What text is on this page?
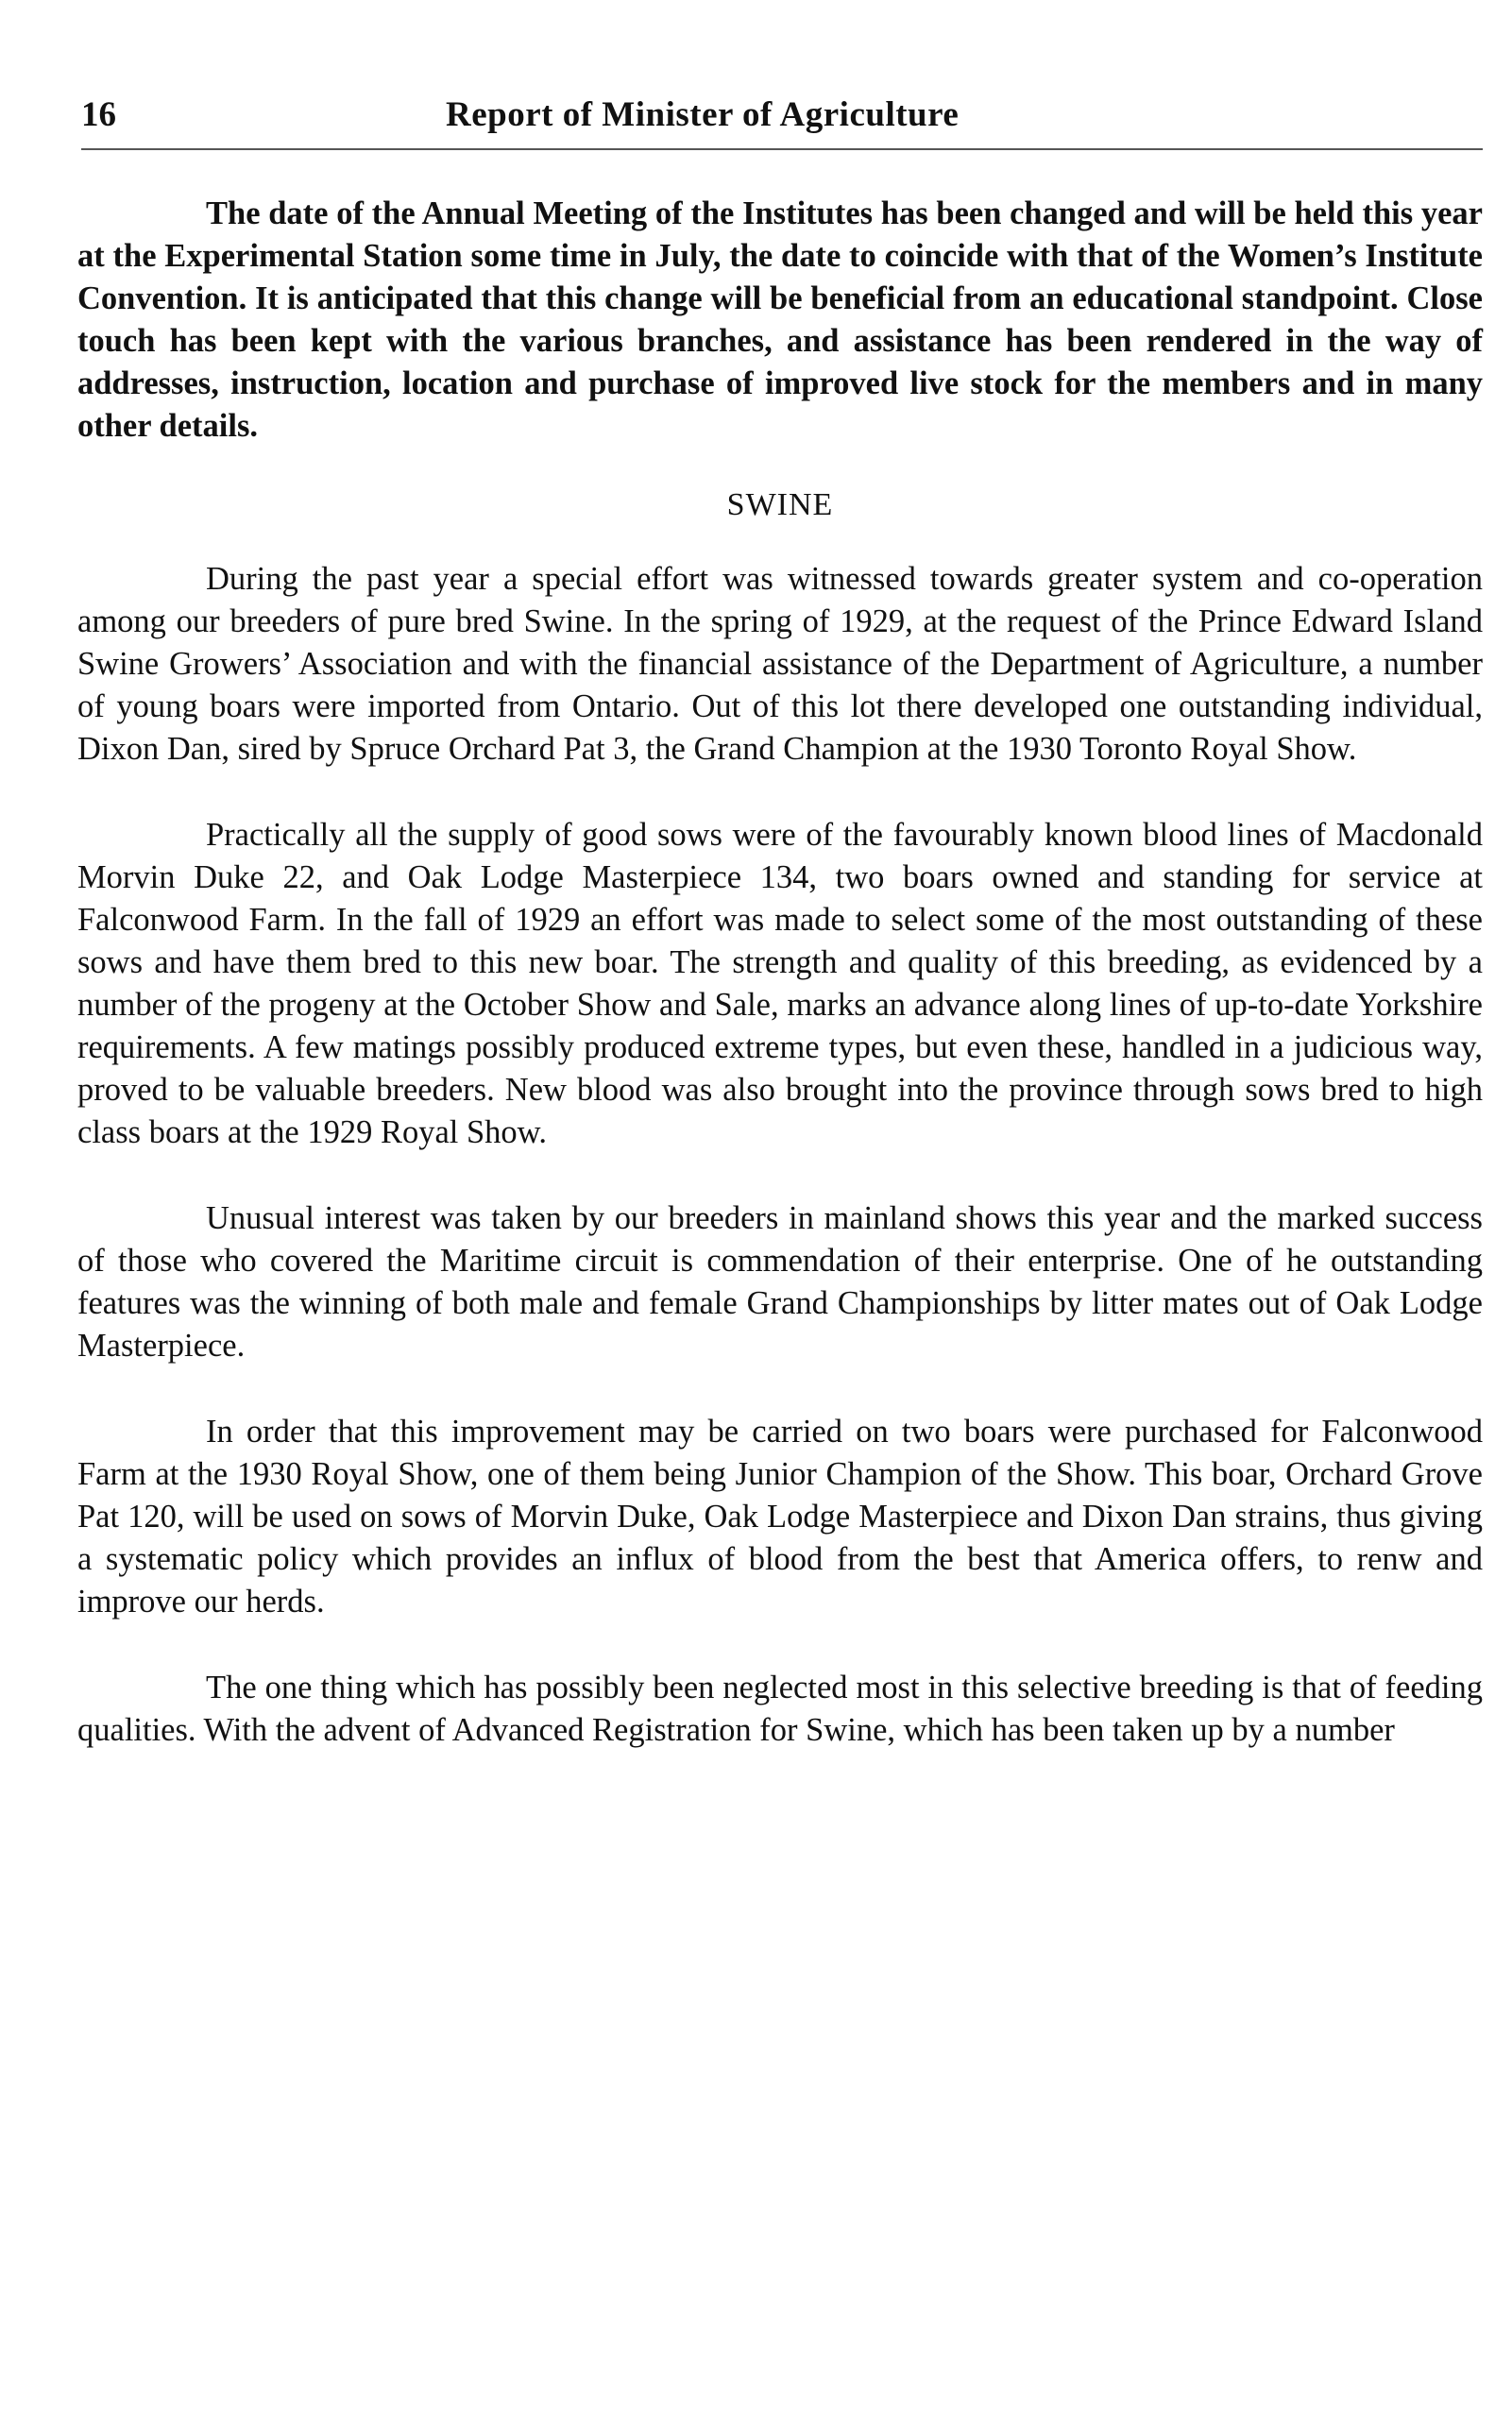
16	Report of Minister of Agriculture

The date of the Annual Meeting of the Institutes has been changed and will be held this year at the Experimental Station some time in July, the date to coincide with that of the Women’s Institute Convention. It is anticipated that this change will be beneficial from an educational standpoint. Close touch has been kept with the various branches, and assistance has been rendered in the way of addresses, instruction, location and purchase of improved live stock for the members and in many other details.

SWINE

During the past year a special effort was witnessed towards greater system and co-operation among our breeders of pure bred Swine. In the spring of 1929, at the request of the Prince Edward Island Swine Growers’ Association and with the financial assistance of the Department of Agriculture, a number of young boars were imported from Ontario. Out of this lot there developed one outstanding individual, Dixon Dan, sired by Spruce Orchard Pat 3, the Grand Champion at the 1930 Toronto Royal Show.

Practically all the supply of good sows were of the favourably known blood lines of Macdonald Morvin Duke 22, and Oak Lodge Masterpiece 134, two boars owned and standing for service at Falconwood Farm. In the fall of 1929 an effort was made to select some of the most outstanding of these sows and have them bred to this new boar. The strength and quality of this breeding, as evidenced by a number of the progeny at the October Show and Sale, marks an advance along lines of up-to-date Yorkshire requirements. A few matings possibly produced extreme types, but even these, handled in a judicious way, proved to be valuable breeders. New blood was also brought into the province through sows bred to high class boars at the 1929 Royal Show.

Unusual interest was taken by our breeders in mainland shows this year and the marked success of those who covered the Maritime circuit is commendation of their enterprise. One of he outstanding features was the winning of both male and female Grand Championships by litter mates out of Oak Lodge Masterpiece.

In order that this improvement may be carried on two boars were purchased for Falconwood Farm at the 1930 Royal Show, one of them being Junior Champion of the Show. This boar, Orchard Grove Pat 120, will be used on sows of Morvin Duke, Oak Lodge Masterpiece and Dixon Dan strains, thus giving a systematic policy which provides an influx of blood from the best that America offers, to renw and improve our herds.

The one thing which has possibly been neglected most in this selective breeding is that of feeding qualities. With the advent of Advanced Registration for Swine, which has been taken up by a number
